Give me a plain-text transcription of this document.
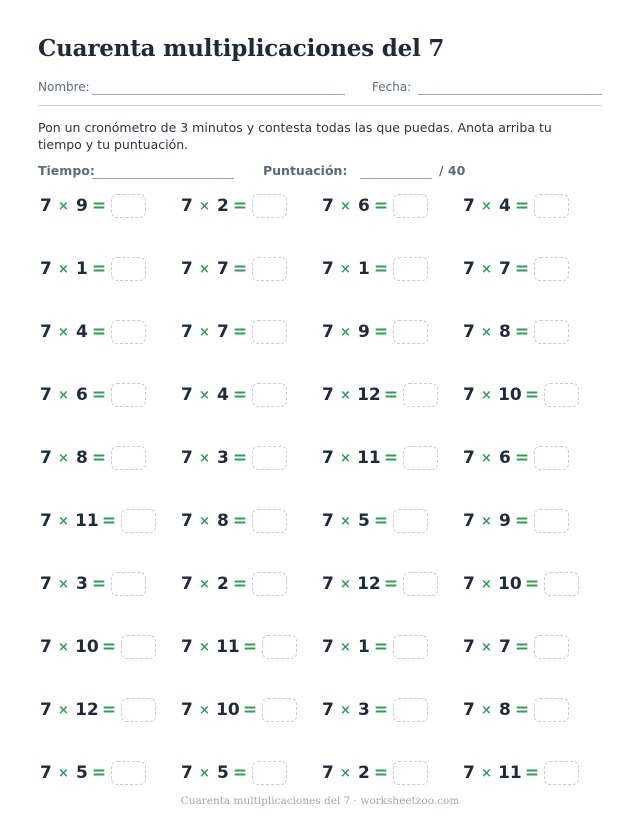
Cuarenta multiplicaciones del 7
Nombre:	Fecha:
Pon un cronómetro de 3 minutos y contesta todas las que puedas. Anota arriba tu tiempo y tu puntuación.
Tiempo:	Puntuación:	/ 40
7 × 9 =	7 × 2 =	7 × 6 =	7 × 4 =
7 × 1 =	7 × 7 =	7 × 1 =	7 × 7 =
7 × 4 =	7 × 7 =	7 × 9 =	7 × 8 =
7 × 6 =	7 × 4 =	7 × 12 =	7 × 10 =
7 × 8 =	7 × 3 =	7 × 11 =	7 × 6 =
7 × 11 =	7 × 8 =	7 × 5 =	7 × 9 =
7 × 3 =	7 × 2 =	7 × 12 =	7 × 10 =
7 × 10 =	7 × 11 =	7 × 1 =	7 × 7 =
7 × 12 =	7 × 10 =	7 × 3 =	7 × 8 =
7 × 5 =	7 × 5 =	7 × 2 =	7 × 11 =
Cuarenta multiplicaciones del 7 · worksheetzoo.com
